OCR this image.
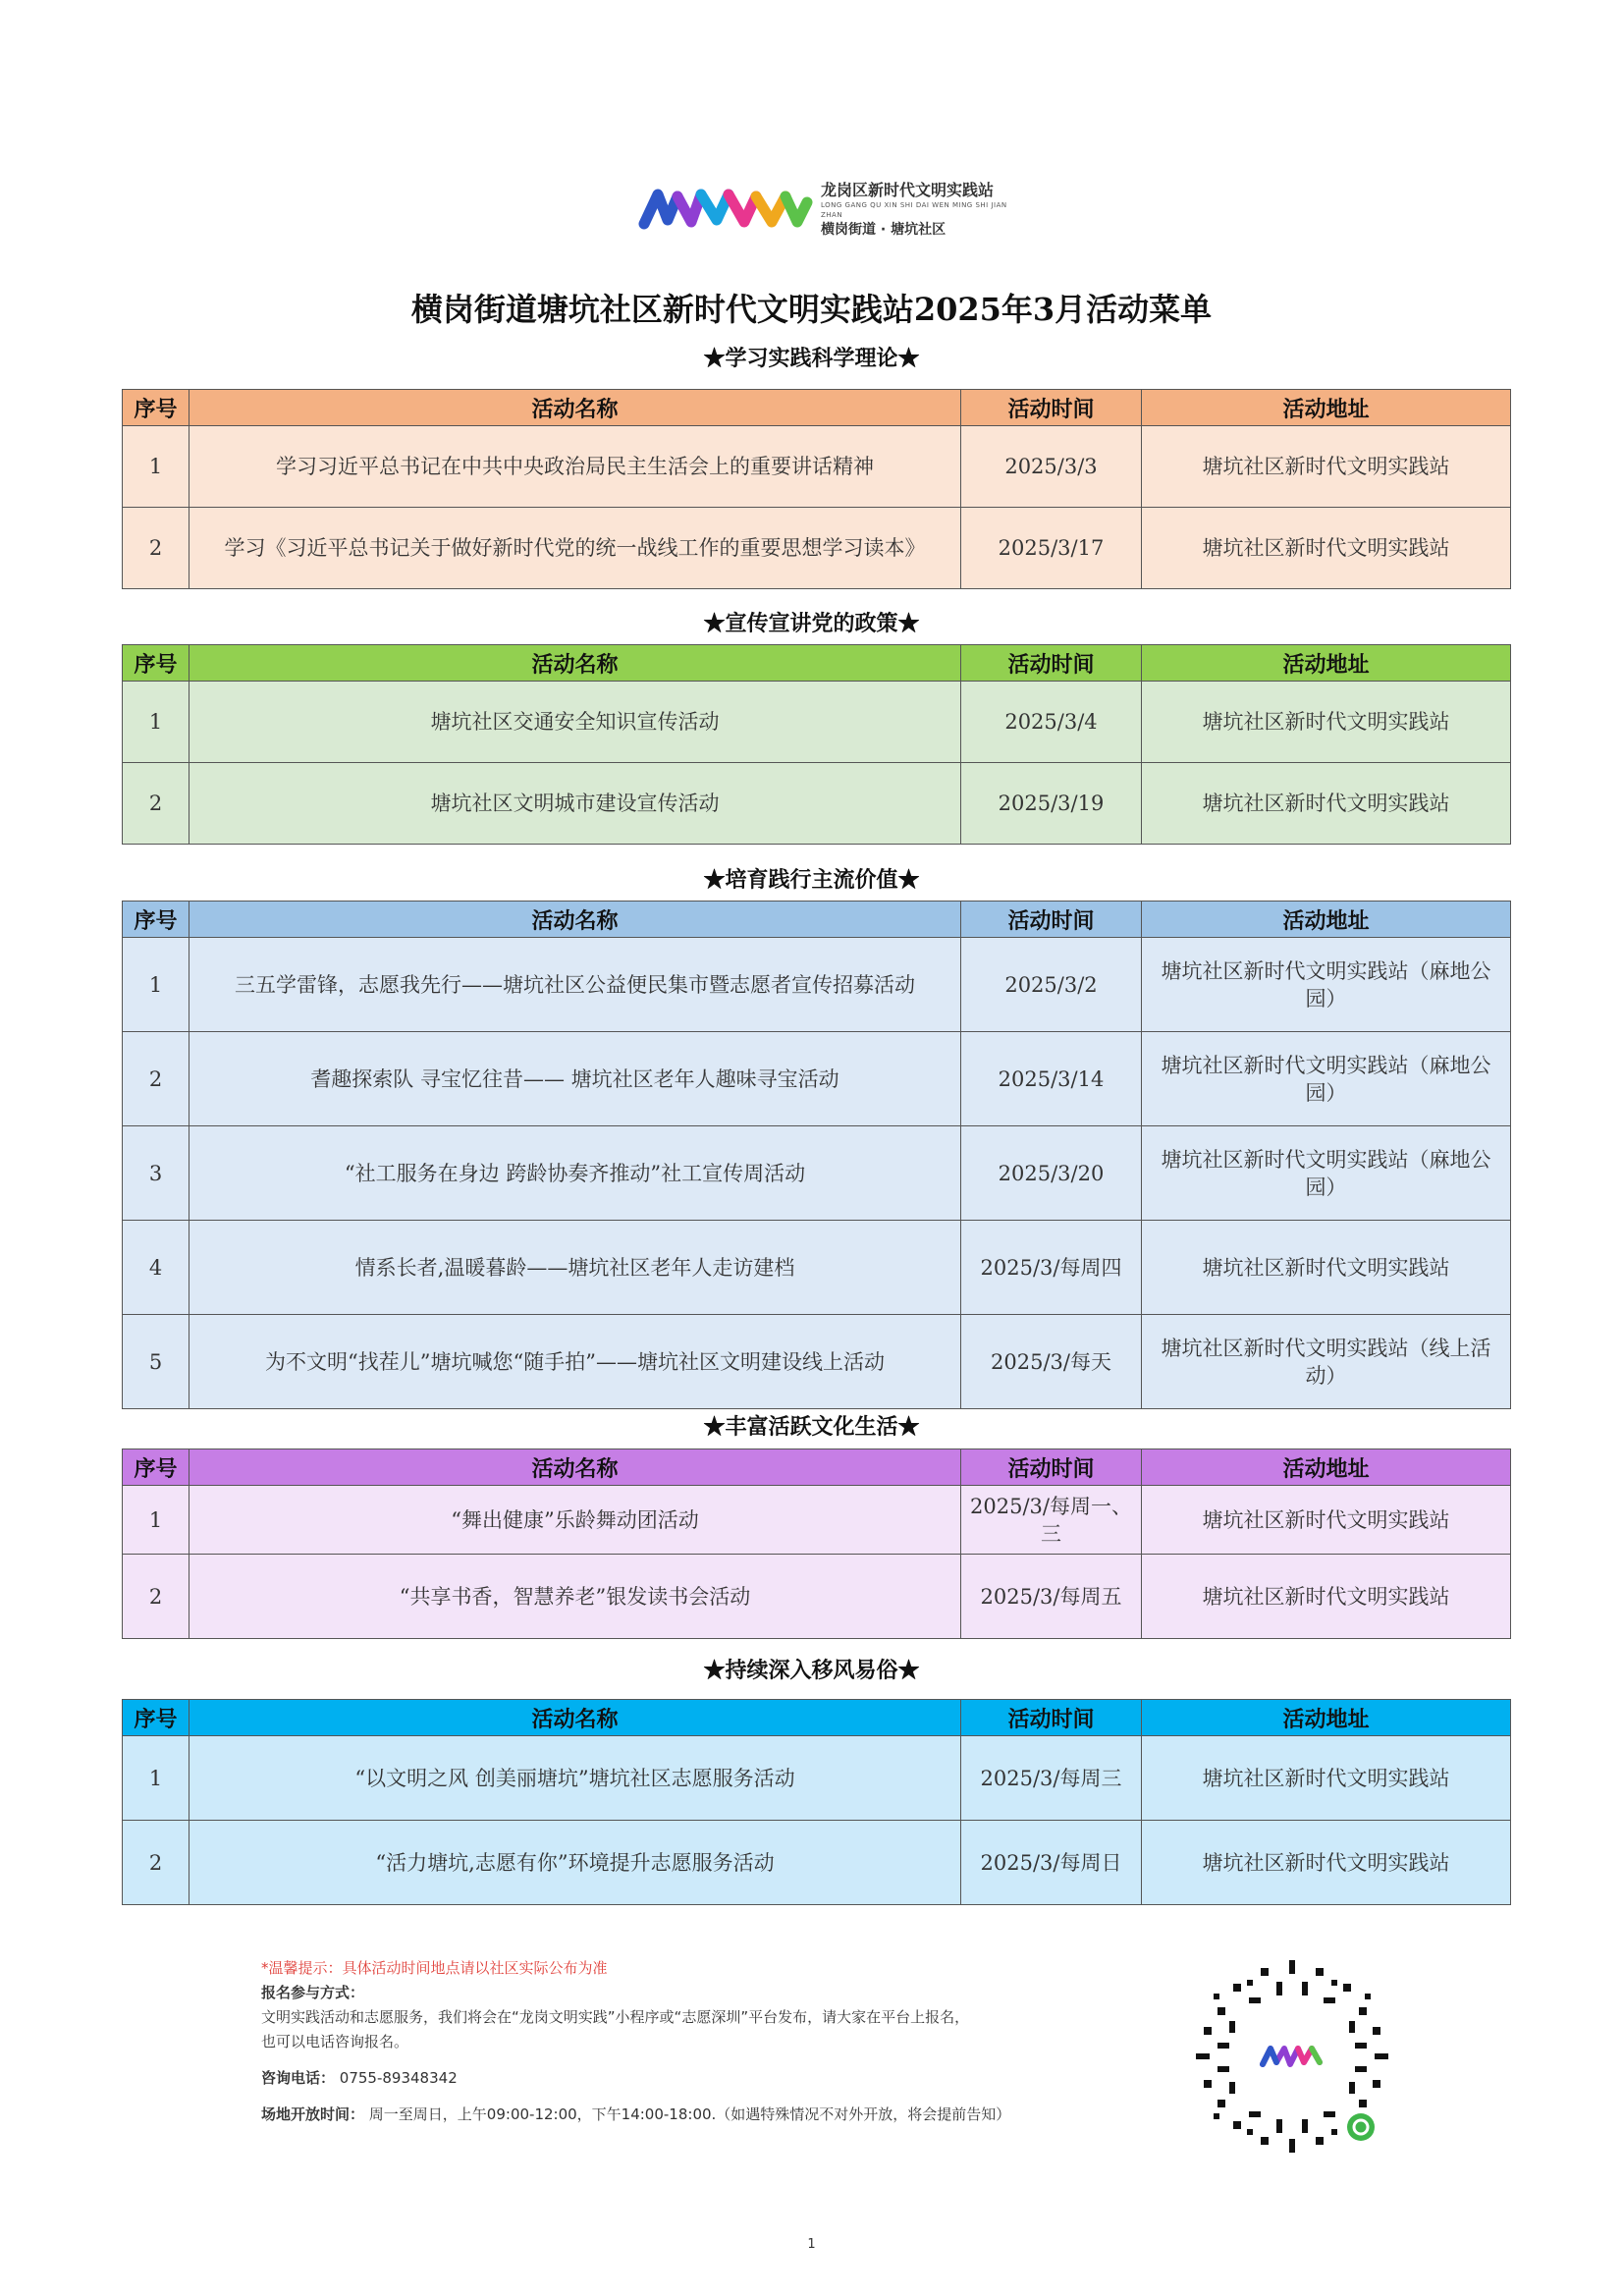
龙岗区新时代文明实践站
LONG GANG QU XIN SHI DAI WEN MING SHI JIAN ZHAN
横岗街道 · 塘坑社区
横岗街道塘坑社区新时代文明实践站2025年3月活动菜单
★学习实践科学理论★
序号	活动名称	活动时间	活动地址
1	学习习近平总书记在中共中央政治局民主生活会上的重要讲话精神	2025/3/3	塘坑社区新时代文明实践站
2	学习《习近平总书记关于做好新时代党的统一战线工作的重要思想学习读本》	2025/3/17	塘坑社区新时代文明实践站
★宣传宣讲党的政策★
序号	活动名称	活动时间	活动地址
1	塘坑社区交通安全知识宣传活动	2025/3/4	塘坑社区新时代文明实践站
2	塘坑社区文明城市建设宣传活动	2025/3/19	塘坑社区新时代文明实践站
★培育践行主流价值★
序号	活动名称	活动时间	活动地址
1	三五学雷锋，志愿我先行——塘坑社区公益便民集市暨志愿者宣传招募活动	2025/3/2	塘坑社区新时代文明实践站（麻地公园）
2	耆趣探索队 寻宝忆往昔—— 塘坑社区老年人趣味寻宝活动	2025/3/14	塘坑社区新时代文明实践站（麻地公园）
3	“社工服务在身边 跨龄协奏齐推动”社工宣传周活动	2025/3/20	塘坑社区新时代文明实践站（麻地公园）
4	情系长者,温暖暮龄——塘坑社区老年人走访建档	2025/3/每周四	塘坑社区新时代文明实践站
5	为不文明“找茬儿”塘坑喊您“随手拍”——塘坑社区文明建设线上活动	2025/3/每天	塘坑社区新时代文明实践站（线上活动）
★丰富活跃文化生活★
序号	活动名称	活动时间	活动地址
1	“舞出健康”乐龄舞动团活动	2025/3/每周一、三	塘坑社区新时代文明实践站
2	“共享书香，智慧养老”银发读书会活动	2025/3/每周五	塘坑社区新时代文明实践站
★持续深入移风易俗★
序号	活动名称	活动时间	活动地址
1	“以文明之风 创美丽塘坑”塘坑社区志愿服务活动	2025/3/每周三	塘坑社区新时代文明实践站
2	“活力塘坑,志愿有你”环境提升志愿服务活动	2025/3/每周日	塘坑社区新时代文明实践站
*温馨提示：具体活动时间地点请以社区实际公布为准
报名参与方式：
文明实践活动和志愿服务，我们将会在“龙岗文明实践”小程序或“志愿深圳”平台发布，请大家在平台上报名，
也可以电话咨询报名。
咨询电话： 0755-89348342
场地开放时间： 周一至周日，上午09:00-12:00，下午14:00-18:00.（如遇特殊情况不对外开放，将会提前告知）
1
